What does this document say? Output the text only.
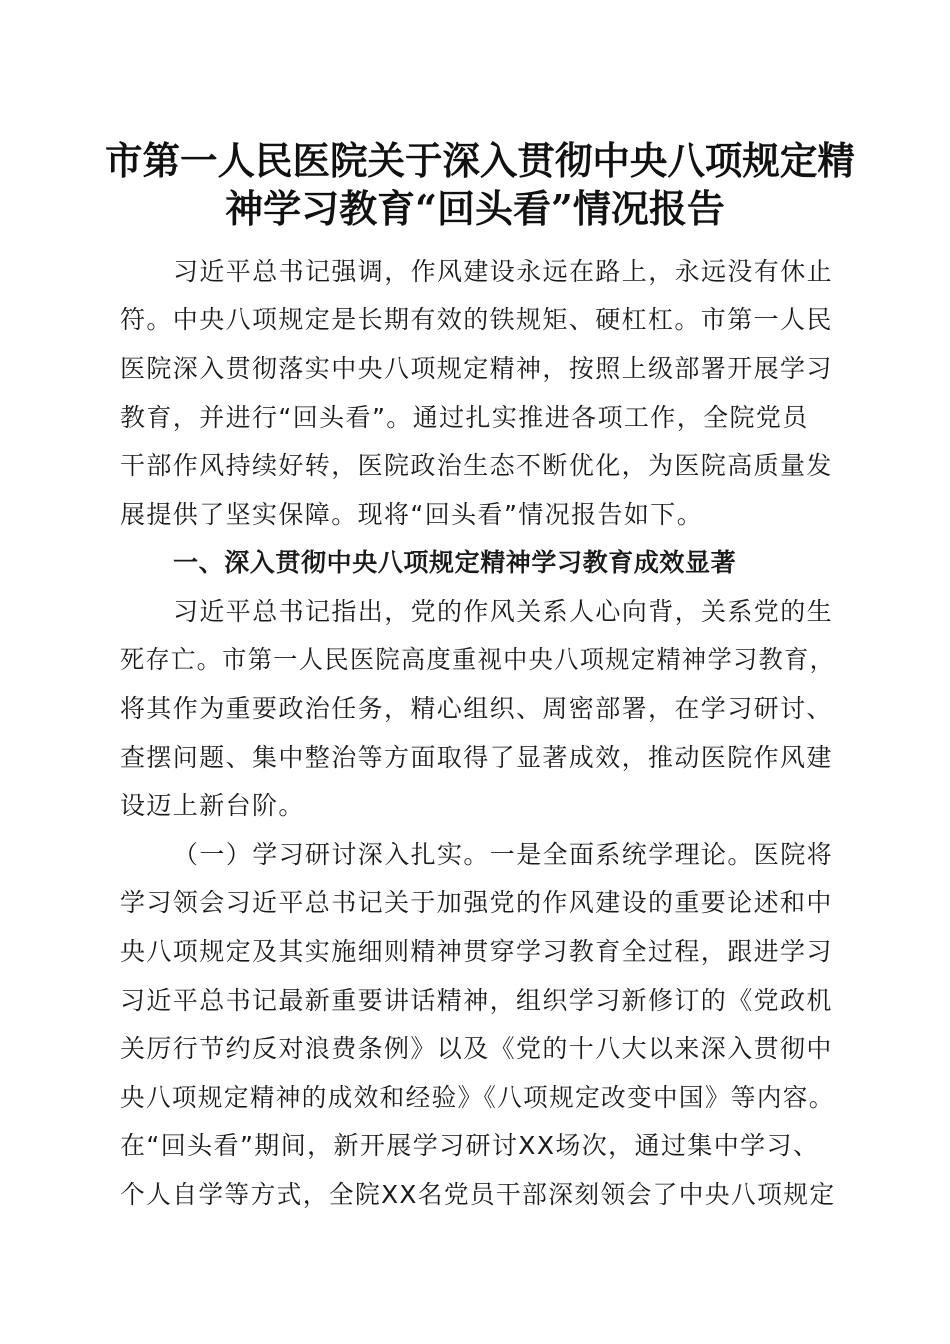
市第一人民医院关于深入贯彻中央八项规定精
神学习教育“回头看”情况报告
习近平总书记强调，作风建设永远在路上，永远没有休止
符。中央八项规定是长期有效的铁规矩、硬杠杠。市第一人民
医院深入贯彻落实中央八项规定精神，按照上级部署开展学习
教育，并进行“回头看”。通过扎实推进各项工作，全院党员
干部作风持续好转，医院政治生态不断优化，为医院高质量发
展提供了坚实保障。现将“回头看”情况报告如下。
一、深入贯彻中央八项规定精神学习教育成效显著
习近平总书记指出，党的作风关系人心向背，关系党的生
死存亡。市第一人民医院高度重视中央八项规定精神学习教育，
将其作为重要政治任务，精心组织、周密部署，在学习研讨、
查摆问题、集中整治等方面取得了显著成效，推动医院作风建
设迈上新台阶。
（一）学习研讨深入扎实。一是全面系统学理论。医院将
学习领会习近平总书记关于加强党的作风建设的重要论述和中
央八项规定及其实施细则精神贯穿学习教育全过程，跟进学习
习近平总书记最新重要讲话精神，组织学习新修订的《党政机
关厉行节约反对浪费条例》以及《党的十八大以来深入贯彻中
央八项规定精神的成效和经验》《八项规定改变中国》等内容。
在“回头看”期间，新开展学习研讨XX场次，通过集中学习、
个人自学等方式，全院XX名党员干部深刻领会了中央八项规定
